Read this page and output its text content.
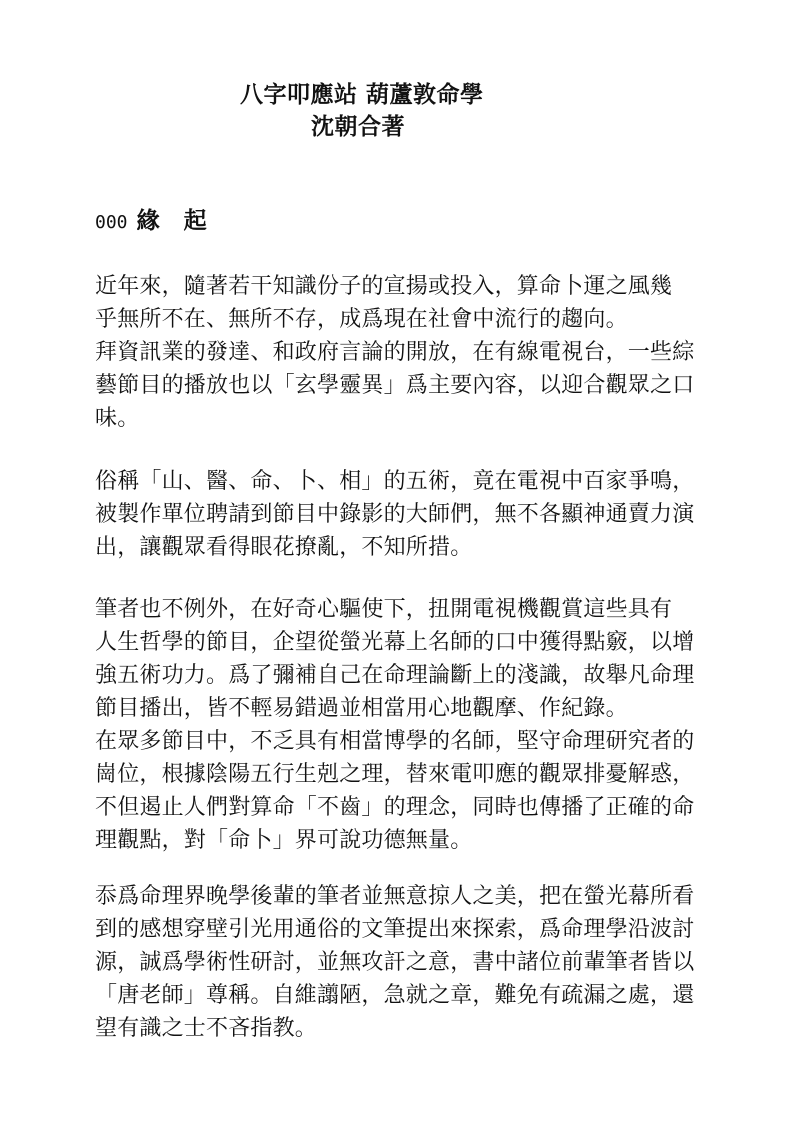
八字叩應站 葫蘆敦命學
沈朝合著
000 緣 起
近年來，隨著若干知識份子的宣揚或投入，算命卜運之風幾
乎無所不在、無所不存，成爲現在社會中流行的趨向。
拜資訊業的發達、和政府言論的開放，在有線電視台，一些綜
藝節目的播放也以「玄學靈異」爲主要內容，以迎合觀眾之口
味。
俗稱「山、醫、命、卜、相」的五術，竟在電視中百家爭鳴，
被製作單位聘請到節目中錄影的大師們，無不各顯神通賣力演
出，讓觀眾看得眼花撩亂，不知所措。
筆者也不例外，在好奇心驅使下，扭開電視機觀賞這些具有
人生哲學的節目，企望從螢光幕上名師的口中獲得點竅，以增
強五術功力。爲了彌補自己在命理論斷上的淺識，故舉凡命理
節目播出，皆不輕易錯過並相當用心地觀摩、作紀錄。
在眾多節目中，不乏具有相當博學的名師，堅守命理研究者的
崗位，根據陰陽五行生剋之理，替來電叩應的觀眾排憂解惑，
不但遏止人們對算命「不齒」的理念，同時也傳播了正確的命
理觀點，對「命卜」界可說功德無量。
忝爲命理界晚學後輩的筆者並無意掠人之美，把在螢光幕所看
到的感想穿壁引光用通俗的文筆提出來探索，爲命理學沿波討
源，誠爲學術性研討，並無攻訐之意，書中諸位前輩筆者皆以
「唐老師」尊稱。自維譾陋，急就之章，難免有疏漏之處，還
望有識之士不吝指教。
